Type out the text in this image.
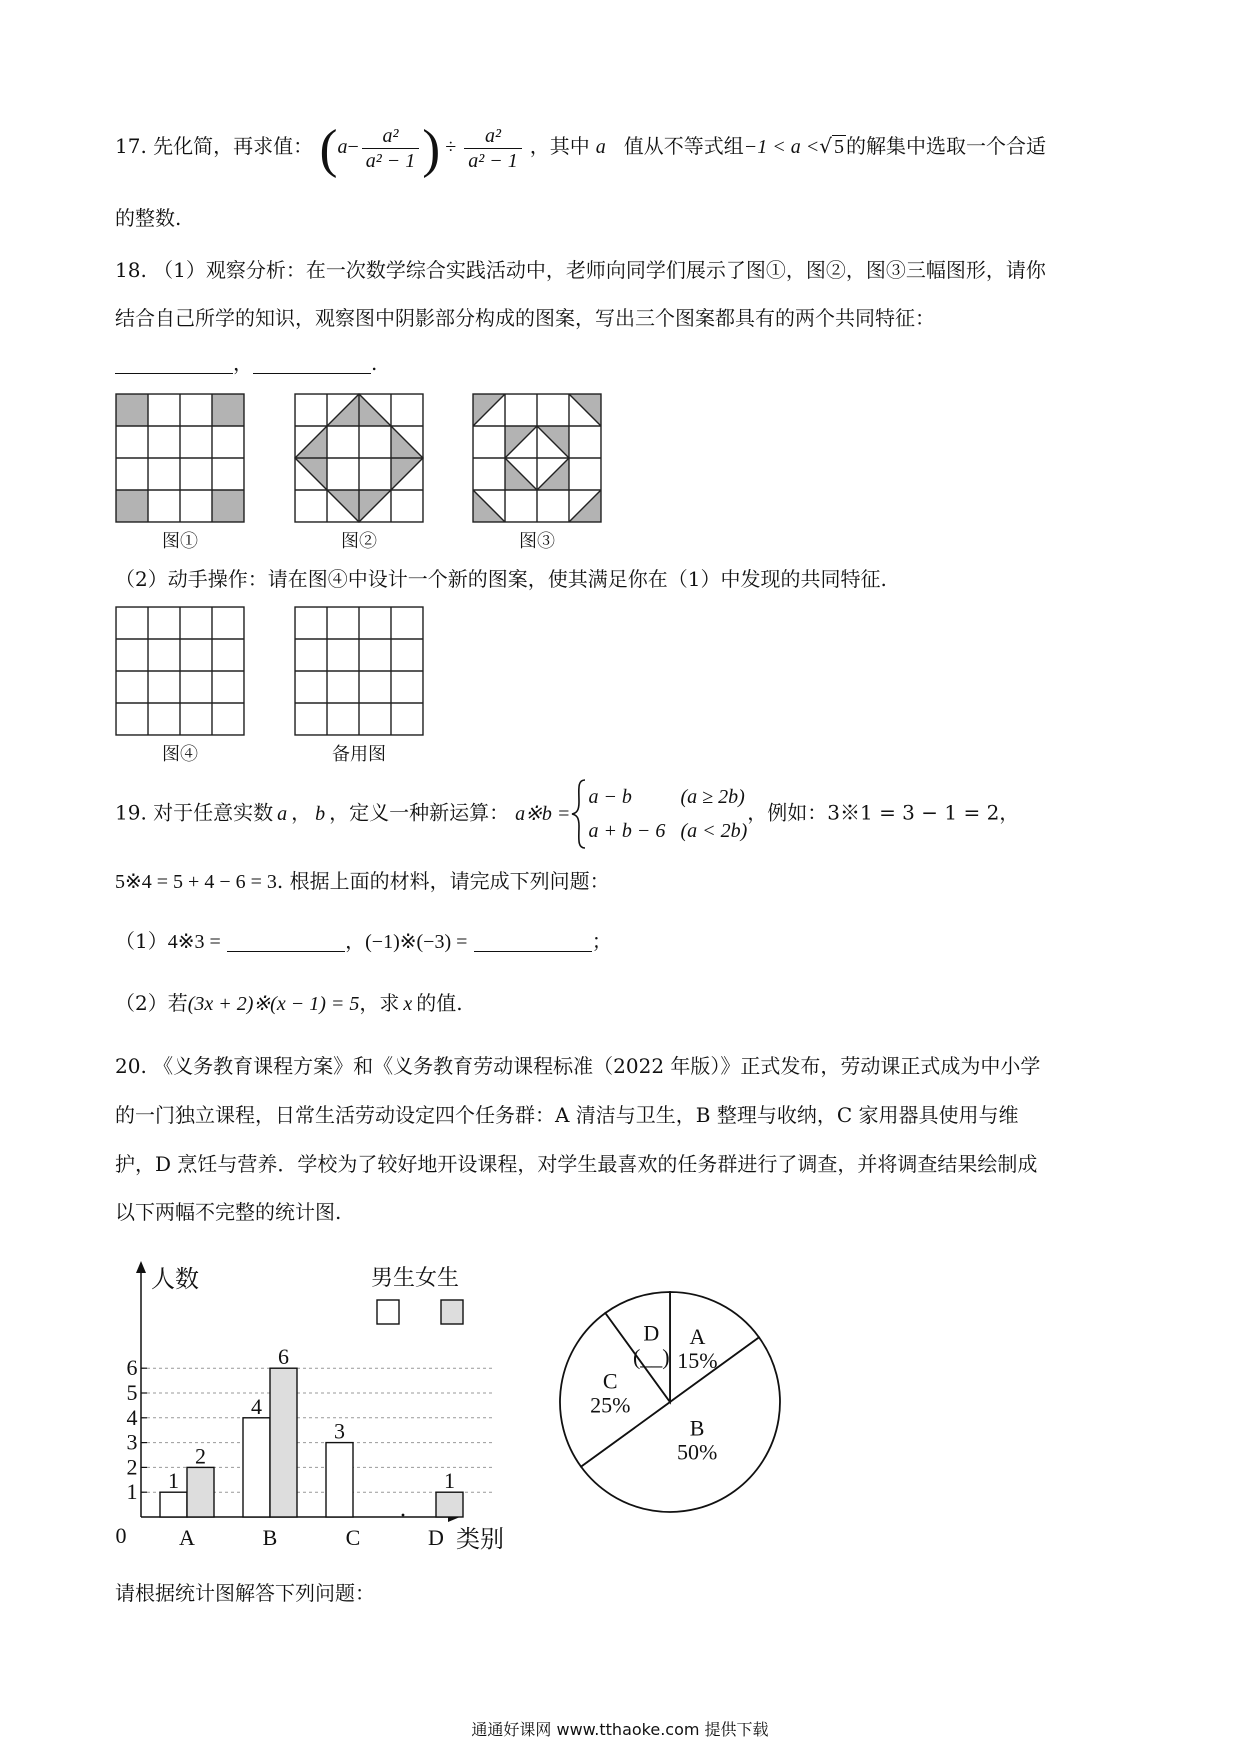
17. 先化简，再求值： ($a- \frac{\text{a²}}{\text{a² − 1}}$ ) ÷ $\frac{\text{a²}}{\text{a² − 1}}$ ，其中 a 值从不等式组−1 < a <√ 5 的解集中选取一个合适
的整数.
18. （1）观察分析：在一次数学综合实践活动中，老师向同学们展示了图①，图②，图③三幅图形，请你
结合自己所学的知识，观察图中阴影部分构成的图案，写出三个图案都具有的两个共同特征：
，	.
图①	图②	图③
（2）动手操作：请在图④中设计一个新的图案，使其满足你在（1）中发现的共同特征.
图④	备用图
19. 对于任意实数 a ， b ，定义一种新运算： a※b =
a − b (a ≥ 2b)
a + b − 6 (a < 2b)
，例如：3※1 = 3 − 1 = 2，
5※4 = 5 + 4 − 6 = 3. 根据上面的材料，请完成下列问题：
（1）4※3 =	，(−1)※(−3) =	；
（2）若(3x + 2)※(x − 1) = 5，求 x 的值.
20. 《义务教育课程方案》和《义务教育劳动课程标准（2022 年版）》正式发布，劳动课正式成为中小学
的一门独立课程，日常生活劳动设定四个任务群：A 清洁与卫生，B 整理与收纳，C 家用器具使用与维
护，D 烹饪与营养．学校为了较好地开设课程，对学生最喜欢的任务群进行了调查，并将调查结果绘制成
以下两幅不完整的统计图.
1
2
3
4
5
6
0
人数
类别
A
1
2
B
4
6
C
3
D
1
男生 女生
A
15%
B
50%
C
25%
D
(__)
请根据统计图解答下列问题：
通通好课网 www.tthaoke.com 提供下载
